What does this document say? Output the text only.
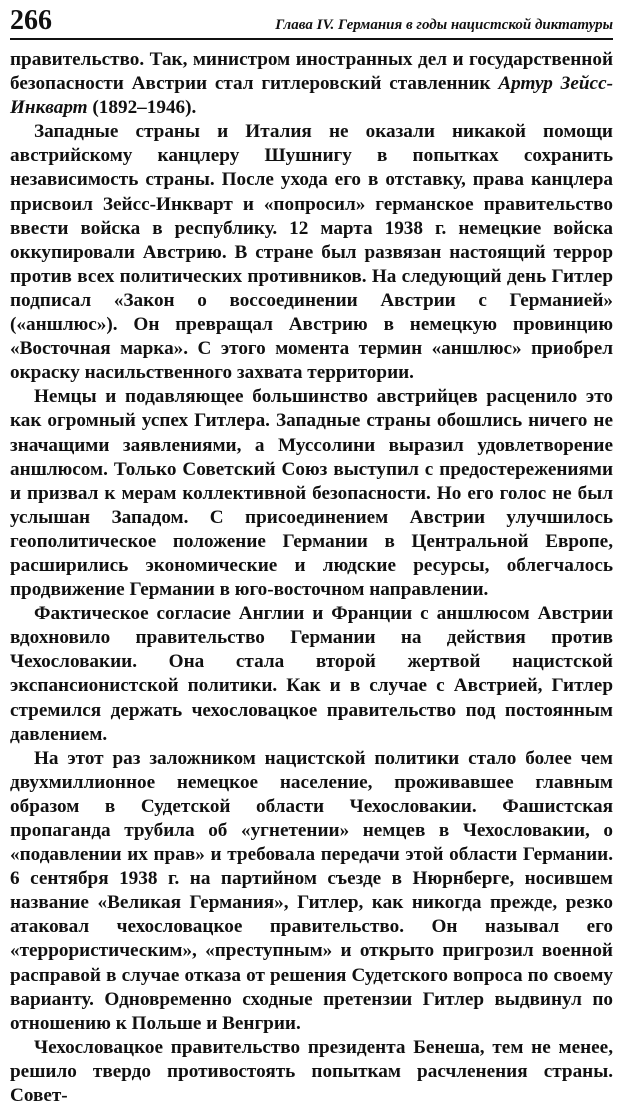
266	Глава IV. Германия в годы нацистской диктатуры

правительство. Так, министром иностранных дел и государственной безопасности Австрии стал гитлеровский ставленник Артур Зейсс-Инкварт (1892–1946).

Западные страны и Италия не оказали никакой помощи австрийскому канцлеру Шушнигу в попытках сохранить независимость страны. После ухода его в отставку, права канцлера присвоил Зейсс-Инкварт и «попросил» германское правительство ввести войска в республику. 12 марта 1938 г. немецкие войска оккупировали Австрию. В стране был развязан настоящий террор против всех политических противников. На следующий день Гитлер подписал «Закон о воссоединении Австрии с Германией» («аншлюс»). Он превращал Австрию в немецкую провинцию «Восточная марка». С этого момента термин «аншлюс» приобрел окраску насильственного захвата территории.

Немцы и подавляющее большинство австрийцев расценило это как огромный успех Гитлера. Западные страны обошлись ничего не значащими заявлениями, а Муссолини выразил удовлетворение аншлюсом. Только Советский Союз выступил с предостережениями и призвал к мерам коллективной безопасности. Но его голос не был услышан Западом. С присоединением Австрии улучшилось геополитическое положение Германии в Центральной Европе, расширились экономические и людские ресурсы, облегчалось продвижение Германии в юго-восточном направлении.

Фактическое согласие Англии и Франции с аншлюсом Австрии вдохновило правительство Германии на действия против Чехословакии. Она стала второй жертвой нацистской экспансионистской политики. Как и в случае с Австрией, Гитлер стремился держать чехословацкое правительство под постоянным давлением.

На этот раз заложником нацистской политики стало более чем двухмиллионное немецкое население, проживавшее главным образом в Судетской области Чехословакии. Фашистская пропаганда трубила об «угнетении» немцев в Чехословакии, о «подавлении их прав» и требовала передачи этой области Германии. 6 сентября 1938 г. на партийном съезде в Нюрнберге, носившем название «Великая Германия», Гитлер, как никогда прежде, резко атаковал чехословацкое правительство. Он называл его «террористическим», «преступным» и открыто пригрозил военной расправой в случае отказа от решения Судетского вопроса по своему варианту. Одновременно сходные претензии Гитлер выдвинул по отношению к Польше и Венгрии.

Чехословацкое правительство президента Бенеша, тем не менее, решило твердо противостоять попыткам расчленения страны. Совет-
